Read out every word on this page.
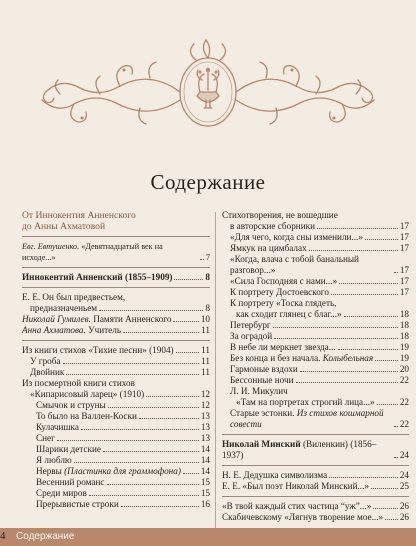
Содержание
От Иннокентия Анненского
до Анны Ахматовой
Евг. Евтушенко. «Девятнадцатый век на исходе...»	7
Иннокентий Анненский (1855–1909)	8
Е. Е. Он был предвестьем,
предназначеньем	8
Николай Гумилев. Памяти Анненского	10
Анна Ахматова. Учитель	11
Из книги стихов «Тихие песни» (1904)	11
У гроба	11
Двойник	11
Из посмертной книги стихов
«Кипарисовый ларец» (1910)	12
Смычок и струны	12
То было на Валлен-Коски	13
Кулачишка	13
Снег	13
Шарики детские	14
Я люблю	14
Нервы (Пластинка для граммофона) 14
Весенний романс	15
Среди миров	15
Прерывистые строки	16
Стихотворения, не вошедшие
в авторские сборники	17
«Для чего, когда сны изменили...»	17
Ямкук на цимбалах	17
«Когда, влача с тобой банальный разговор...»	17
«Сила Господняя с нами...»	17
К портрету Достоевского	17
К портрету «Тоска глядеть,
как сходит глянец с благ...»	18
Петербург	18
За оградой	18
В небе ли меркнет звезда...	19
Без конца и без начала. Колыбельная	19
Гармоные вздохи	20
Бессонные ночи	22
Л. И. Микулич
«Там на портретах строгий лица...»	22
Старые эстонки. Из стихов кошмарной совести	22
Николай Минский (Виленкин) (1856–1937)	24
Н. Е. Дедушка символизма	24
Е. Е. «Был поэт Николай Минский...»	25
«В твой каждый стих частица “уж”...»	26
Скабичевскому «Лягнув творение мое...» 26
4 Содержание
